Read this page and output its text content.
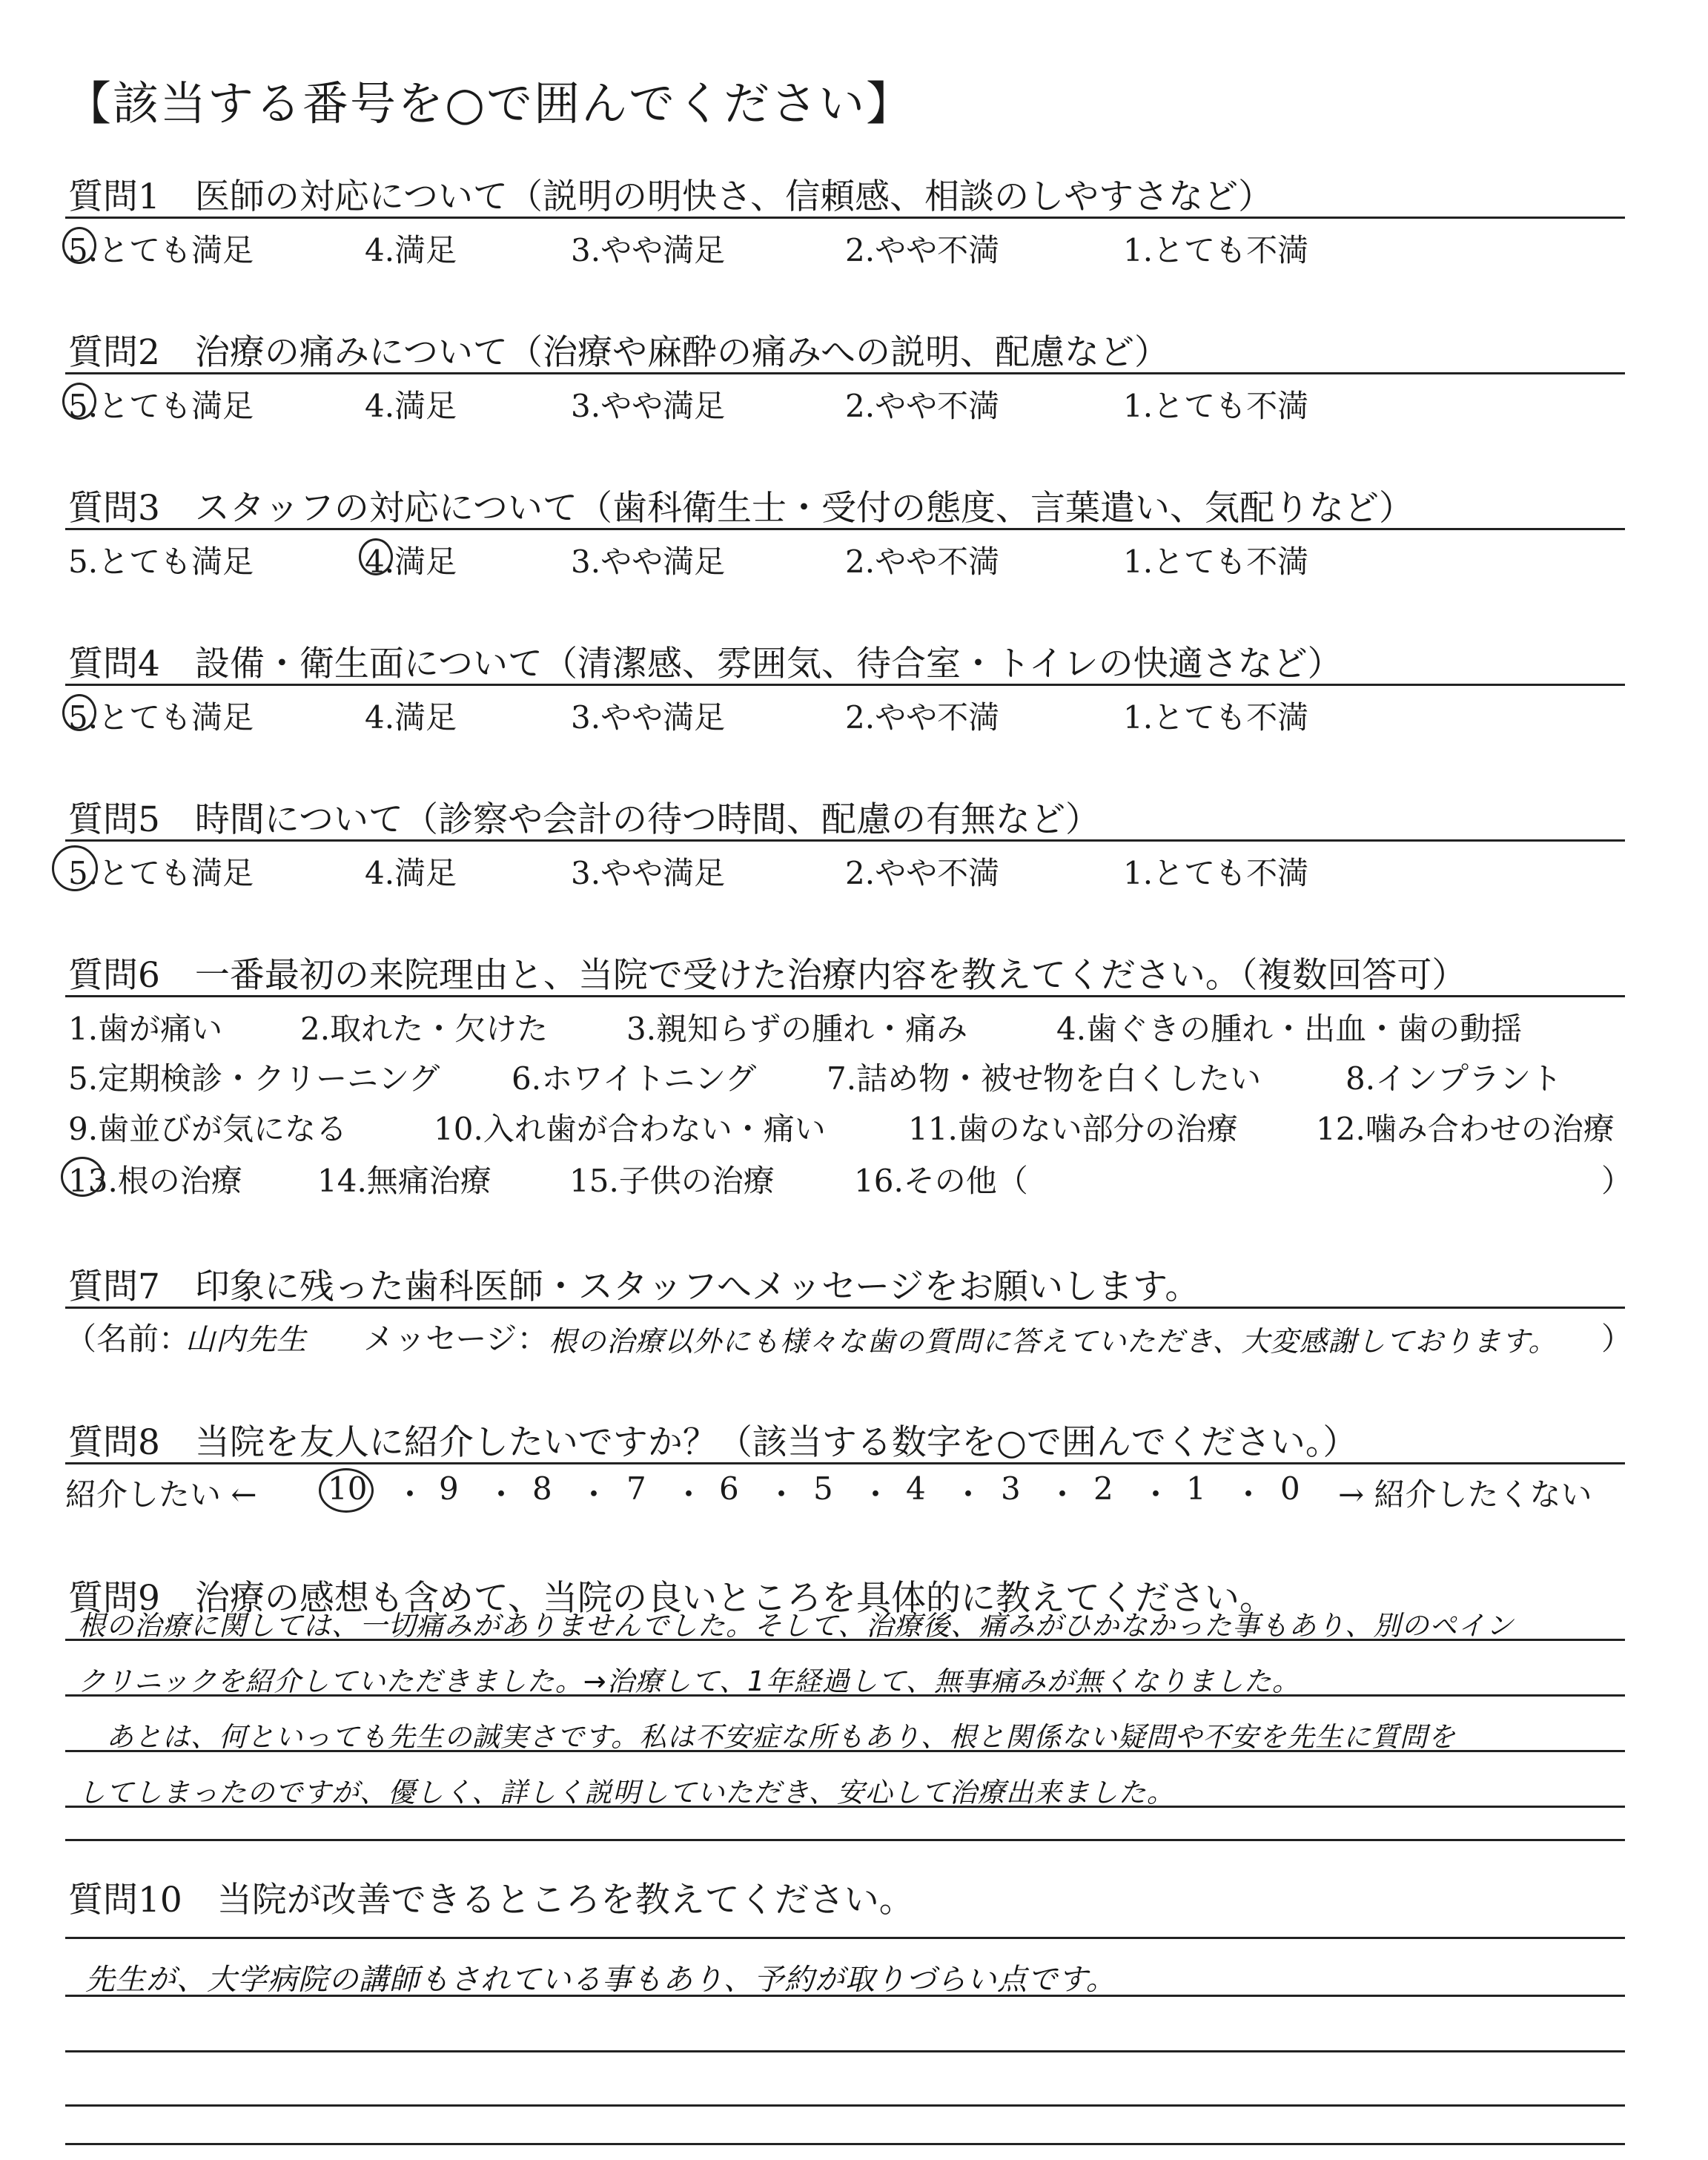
【該当する番号を○で囲んでください】
質問1　医師の対応について（説明の明快さ、信頼感、相談のしやすさなど）
5.とても満足	4.満足	3.やや満足	2.やや不満	1.とても不満
質問2　治療の痛みについて（治療や麻酔の痛みへの説明、配慮など）
5.とても満足	4.満足	3.やや満足	2.やや不満	1.とても不満
質問3　スタッフの対応について（歯科衛生士・受付の態度、言葉遣い、気配りなど）
5.とても満足	4.満足	3.やや満足	2.やや不満	1.とても不満
質問4　設備・衛生面について（清潔感、雰囲気、待合室・トイレの快適さなど）
5.とても満足	4.満足	3.やや満足	2.やや不満	1.とても不満
質問5　時間について（診察や会計の待つ時間、配慮の有無など）
5.とても満足	4.満足	3.やや満足	2.やや不満	1.とても不満
質問6　一番最初の来院理由と、当院で受けた治療内容を教えてください。（複数回答可）
1.歯が痛い 2.取れた・欠けた	3.親知らずの腫れ・痛み	4.歯ぐきの腫れ・出血・歯の動揺
5.定期検診・クリーニング 6.ホワイトニング 7.詰め物・被せ物を白くしたい	8.インプラント
9.歯並びが気になる	10.入れ歯が合わない・痛い	11.歯のない部分の治療	12.噛み合わせの治療
13.根の治療 14.無痛治療	15.子供の治療	16.その他（	）
質問7　印象に残った歯科医師・スタッフへメッセージをお願いします。
（名前：
山内先生 メッセージ： 根の治療以外にも様々な歯の質問に答えていただき、大変感謝しております。 ）
質問8　当院を友人に紹介したいですか？（該当する数字を○で囲んでください。）
紹介したい ← 10 ・ 9 ・ 8 ・ 7 ・ 6 ・ 5 ・ 4 ・ 3 ・ 2 ・ 1 ・ 0 → 紹介したくない
質問9　治療の感想も含めて、当院の良いところを具体的に教えてください。
根の治療に関しては、一切痛みがありませんでした。そして、治療後、痛みがひかなかった事もあり、別のペイン
クリニックを紹介していただきました。→治療して、1年経過して、無事痛みが無くなりました。
　あとは、何といっても先生の誠実さです。私は不安症な所もあり、根と関係ない疑問や不安を先生に質問を
してしまったのですが、優しく、詳しく説明していただき、安心して治療出来ました。
質問10　当院が改善できるところを教えてください。
先生が、大学病院の講師もされている事もあり、予約が取りづらい点です。
